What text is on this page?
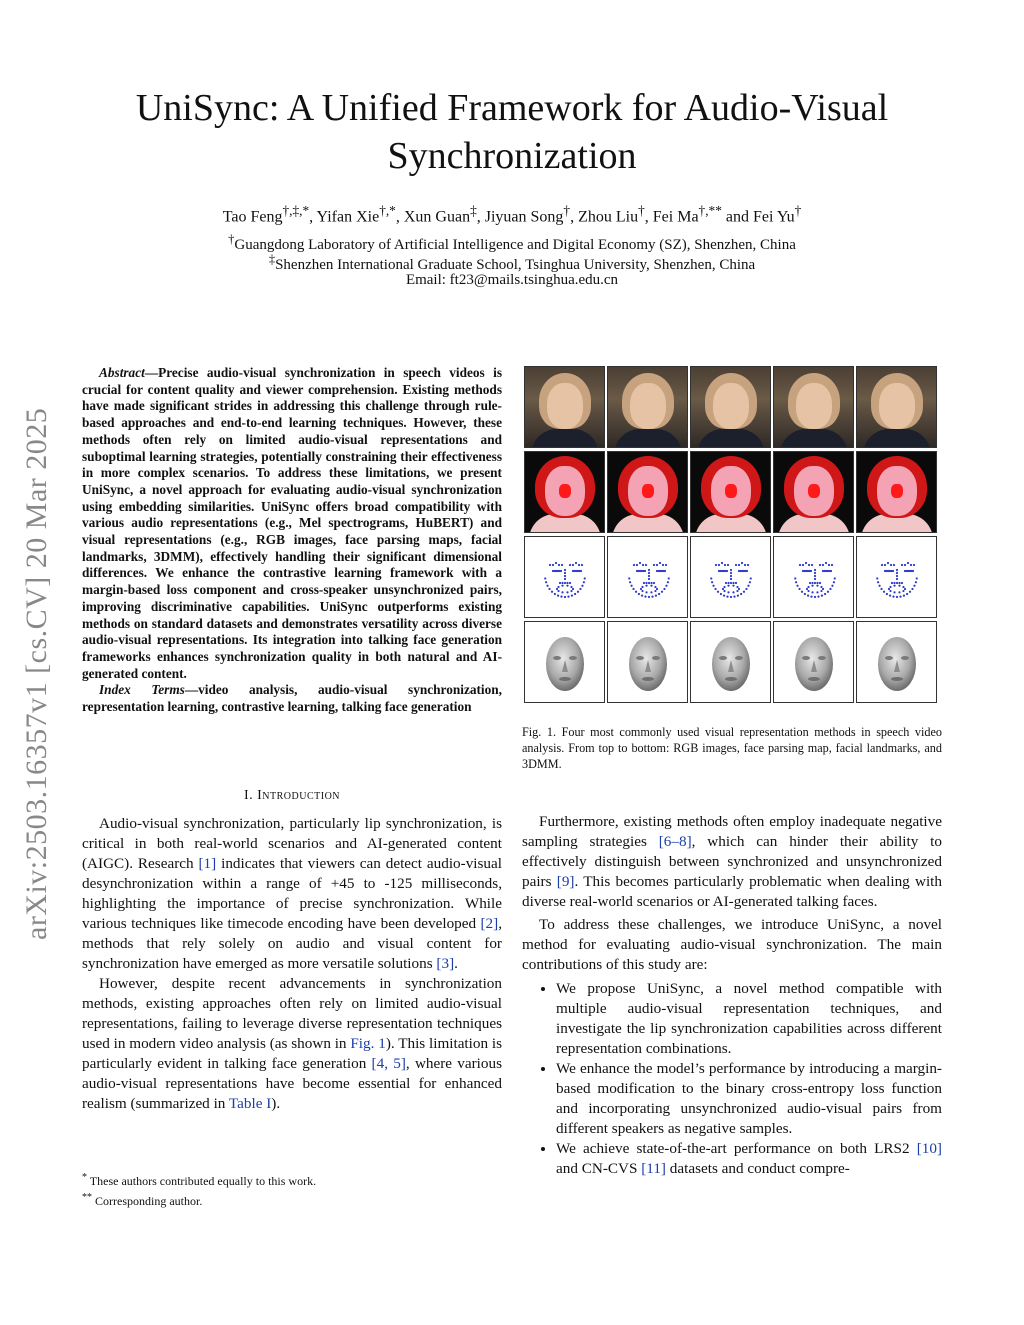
UniSync: A Unified Framework for Audio-Visual Synchronization
Tao Feng†,‡,*, Yifan Xie†,*, Xun Guan‡, Jiyuan Song†, Zhou Liu†, Fei Ma†,** and Fei Yu†
†Guangdong Laboratory of Artificial Intelligence and Digital Economy (SZ), Shenzhen, China
‡Shenzhen International Graduate School, Tsinghua University, Shenzhen, China
Email: ft23@mails.tsinghua.edu.cn
arXiv:2503.16357v1 [cs.CV] 20 Mar 2025
Abstract—Precise audio-visual synchronization in speech videos is crucial for content quality and viewer comprehension. Existing methods have made significant strides in addressing this challenge through rule-based approaches and end-to-end learning techniques. However, these methods often rely on limited audio-visual representations and suboptimal learning strategies, potentially constraining their effectiveness in more complex scenarios. To address these limitations, we present UniSync, a novel approach for evaluating audio-visual synchronization using embedding similarities. UniSync offers broad compatibility with various audio representations (e.g., Mel spectrograms, HuBERT) and visual representations (e.g., RGB images, face parsing maps, facial landmarks, 3DMM), effectively handling their significant dimensional differences. We enhance the contrastive learning framework with a margin-based loss component and cross-speaker unsynchronized pairs, improving discriminative capabilities. UniSync outperforms existing methods on standard datasets and demonstrates versatility across diverse audio-visual representations. Its integration into talking face generation frameworks enhances synchronization quality in both natural and AI-generated content.
Index Terms—video analysis, audio-visual synchronization, representation learning, contrastive learning, talking face generation
I. Introduction

Audio-visual synchronization, particularly lip synchronization, is critical in both real-world scenarios and AI-generated content (AIGC). Research [1] indicates that viewers can detect audio-visual desynchronization within a range of +45 to -125 milliseconds, highlighting the importance of precise synchronization. While various techniques like timecode encoding have been developed [2], methods that rely solely on audio and visual content for synchronization have emerged as more versatile solutions [3].

However, despite recent advancements in synchronization methods, existing approaches often rely on limited audio-visual representations, failing to leverage diverse representation techniques used in modern video analysis (as shown in Fig. 1). This limitation is particularly evident in talking face generation [4, 5], where various audio-visual representations have become essential for enhanced realism (summarized in Table I).

* These authors contributed equally to this work.
** Corresponding author.
Fig. 1. Four most commonly used visual representation methods in speech video analysis. From top to bottom: RGB images, face parsing map, facial landmarks, and 3DMM.

Furthermore, existing methods often employ inadequate negative sampling strategies [6–8], which can hinder their ability to effectively distinguish between synchronized and unsynchronized pairs [9]. This becomes particularly problematic when dealing with diverse real-world scenarios or AI-generated talking faces.

To address these challenges, we introduce UniSync, a novel method for evaluating audio-visual synchronization. The main contributions of this study are:

• We propose UniSync, a novel method compatible with multiple audio-visual representation techniques, and investigate the lip synchronization capabilities across different representation combinations.
• We enhance the model’s performance by introducing a margin-based modification to the binary cross-entropy loss function and incorporating unsynchronized audio-visual pairs from different speakers as negative samples.
• We achieve state-of-the-art performance on both LRS2 [10] and CN-CVS [11] datasets and conduct compre-
